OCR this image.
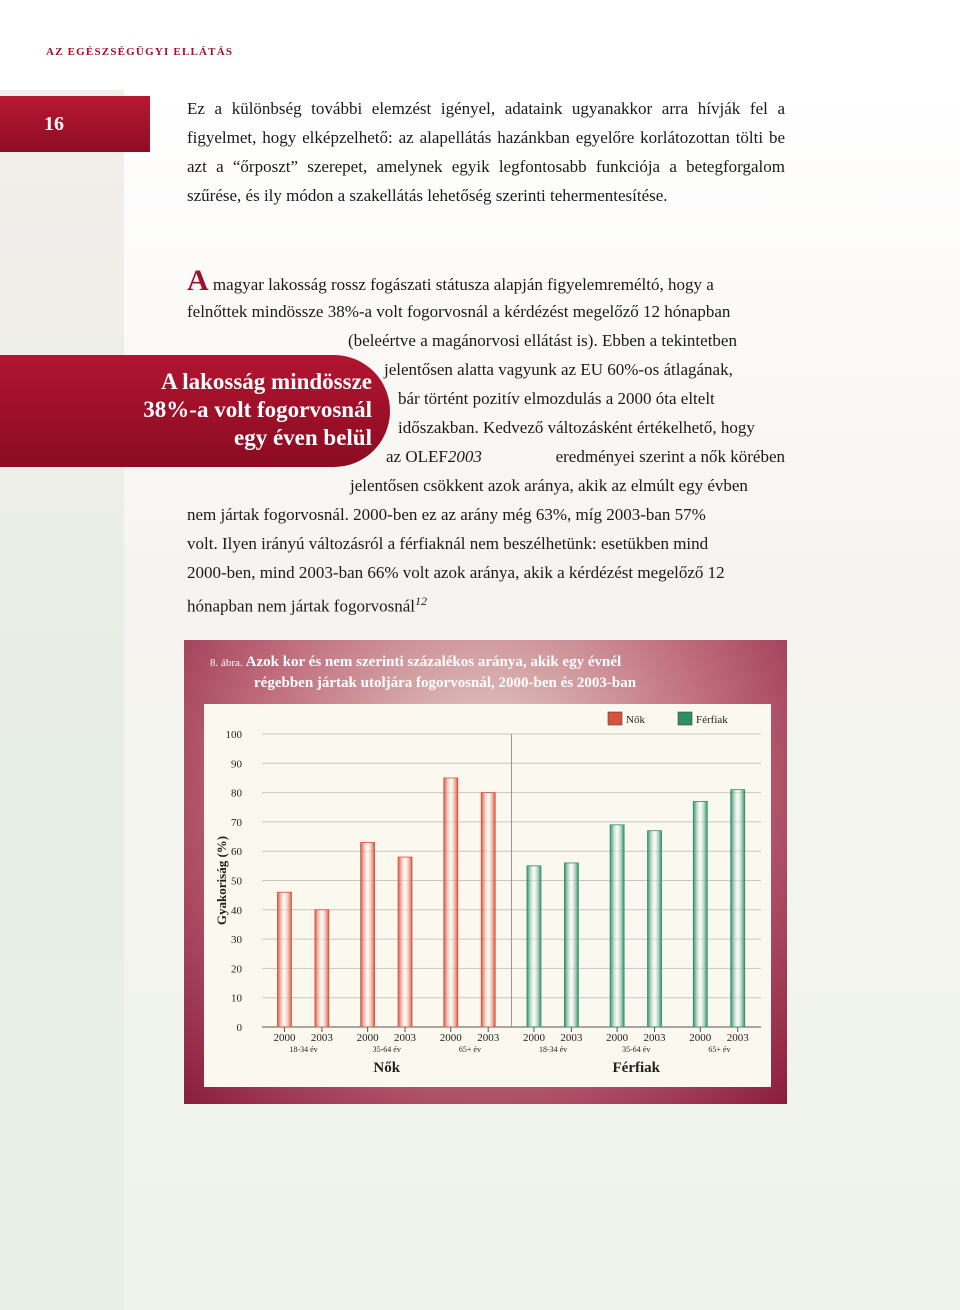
AZ EGÉSZSÉGÜGYI ELLÁTÁS
16

Ez a különbség további elemzést igényel, adataink ugyanakkor arra hívják fel a figyelmet, hogy elképzelhető: az alapellátás hazánkban egyelőre korlátozottan tölti be azt a “őrposzt” szerepet, amelynek egyik legfontosabb funkciója a betegforgalom szűrése, és ily módon a szakellátás lehetőség szerinti tehermentesítése.

A magyar lakosság rossz fogászati státusza alapján figyelemreméltó, hogy a
felnőttek mindössze 38%-a volt fogorvosnál a kérdézést megelőző 12 hónapban
(beleértve a magánorvosi ellátást is). Ebben a tekintetben
jelentősen alatta vagyunk az EU 60%-os átlagának,
bár történt pozitív elmozdulás a 2000 óta eltelt
időszakban. Kedvező változásként értékelhető, hogy
az OLEF2003	eredményei szerint a nők körében
jelentősen csökkent azok aránya, akik az elmúlt egy évben
nem jártak fogorvosnál. 2000-ben ez az arány még 63%, míg 2003-ban 57%
volt. Ilyen irányú változásról a férfiaknál nem beszélhetünk: esetükben mind
2000-ben, mind 2003-ban 66% volt azok aránya, akik a kérdézést megelőző 12
hónapban nem jártak fogorvosnál$^{12}$
A lakosság mindössze
38%-a volt fogorvosnál
egy éven belül
8. ábra. Azok kor és nem szerinti százalékos aránya, akik egy évnél
régebben jártak utoljára fogorvosnál, 2000-ben és 2003-ban
0
10
20
30
40
50
60
70
80
90
100
Gyakoriság (%)
2000 2003
18-34 év
2000 2003
35-64 év
2000 2003
65+ év
Nők
2000 2003
18-34 év
2000 2003
35-64 év
2000 2003
65+ év
Férfiak
Nők	Férfiak
